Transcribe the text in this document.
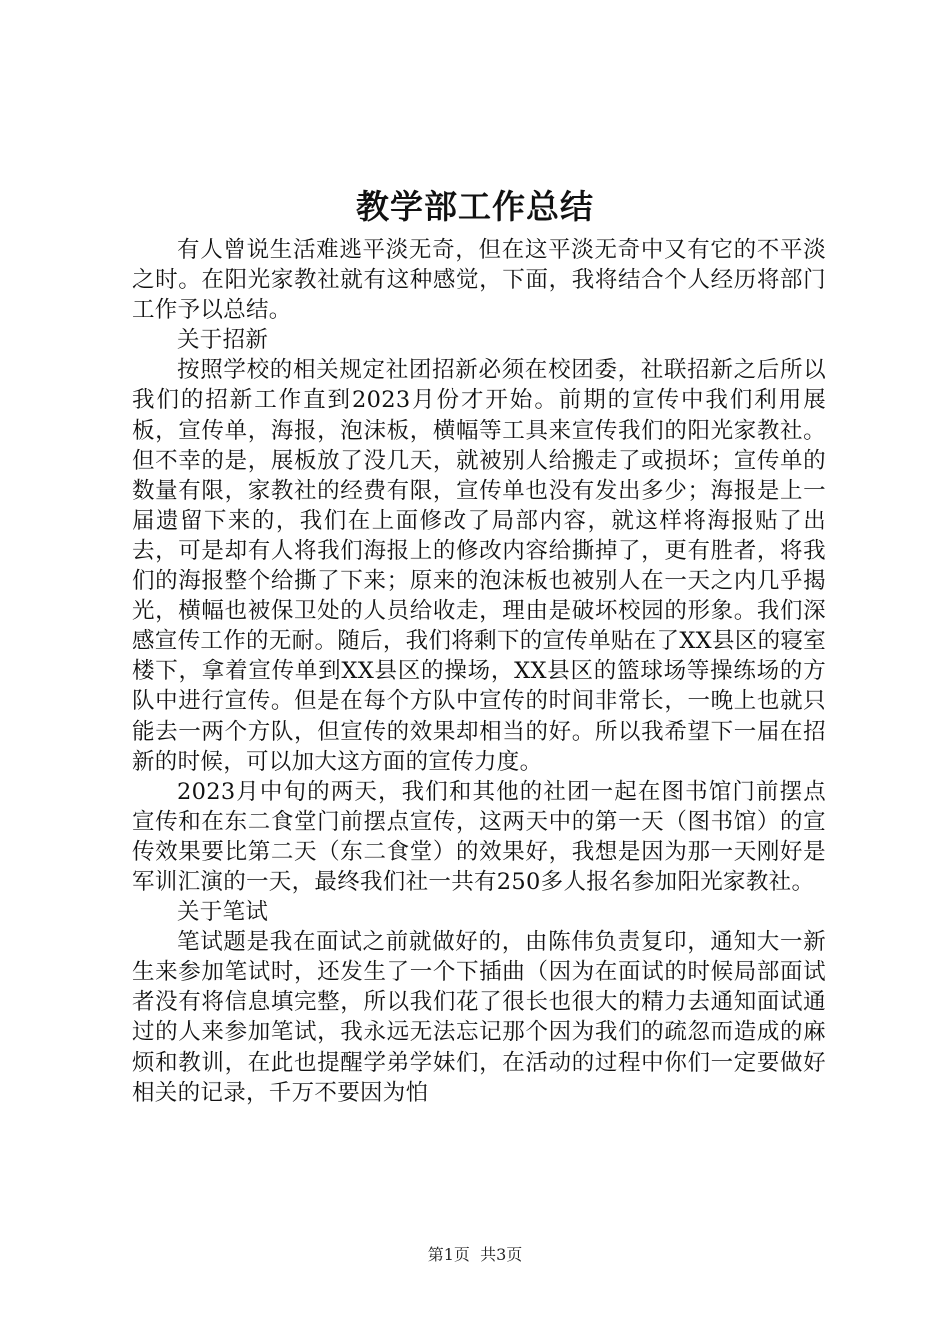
教学部工作总结

有人曾说生活难逃平淡无奇，但在这平淡无奇中又有它的不平淡之时。在阳光家教社就有这种感觉，下面，我将结合个人经历将部门工作予以总结。

关于招新

按照学校的相关规定社团招新必须在校团委，社联招新之后所以我们的招新工作直到2023月份才开始。前期的宣传中我们利用展板，宣传单，海报，泡沫板，横幅等工具来宣传我们的阳光家教社。但不幸的是，展板放了没几天，就被别人给搬走了或损坏；宣传单的数量有限，家教社的经费有限，宣传单也没有发出多少；海报是上一届遗留下来的，我们在上面修改了局部内容，就这样将海报贴了出去，可是却有人将我们海报上的修改内容给撕掉了，更有胜者，将我们的海报整个给撕了下来；原来的泡沫板也被别人在一天之内几乎揭光，横幅也被保卫处的人员给收走，理由是破坏校园的形象。我们深感宣传工作的无耐。随后，我们将剩下的宣传单贴在了XX县区的寝室楼下，拿着宣传单到XX县区的操场，XX县区的篮球场等操练场的方队中进行宣传。但是在每个方队中宣传的时间非常长，一晚上也就只能去一两个方队，但宣传的效果却相当的好。所以我希望下一届在招新的时候，可以加大这方面的宣传力度。

2023月中旬的两天，我们和其他的社团一起在图书馆门前摆点宣传和在东二食堂门前摆点宣传，这两天中的第一天（图书馆）的宣传效果要比第二天（东二食堂）的效果好，我想是因为那一天刚好是军训汇演的一天，最终我们社一共有250多人报名参加阳光家教社。

关于笔试

笔试题是我在面试之前就做好的，由陈伟负责复印，通知大一新生来参加笔试时，还发生了一个下插曲（因为在面试的时候局部面试者没有将信息填完整，所以我们花了很长也很大的精力去通知面试通过的人来参加笔试，我永远无法忘记那个因为我们的疏忽而造成的麻烦和教训，在此也提醒学弟学妹们，在活动的过程中你们一定要做好相关的记录，千万不要因为怕

第1页  共3页
